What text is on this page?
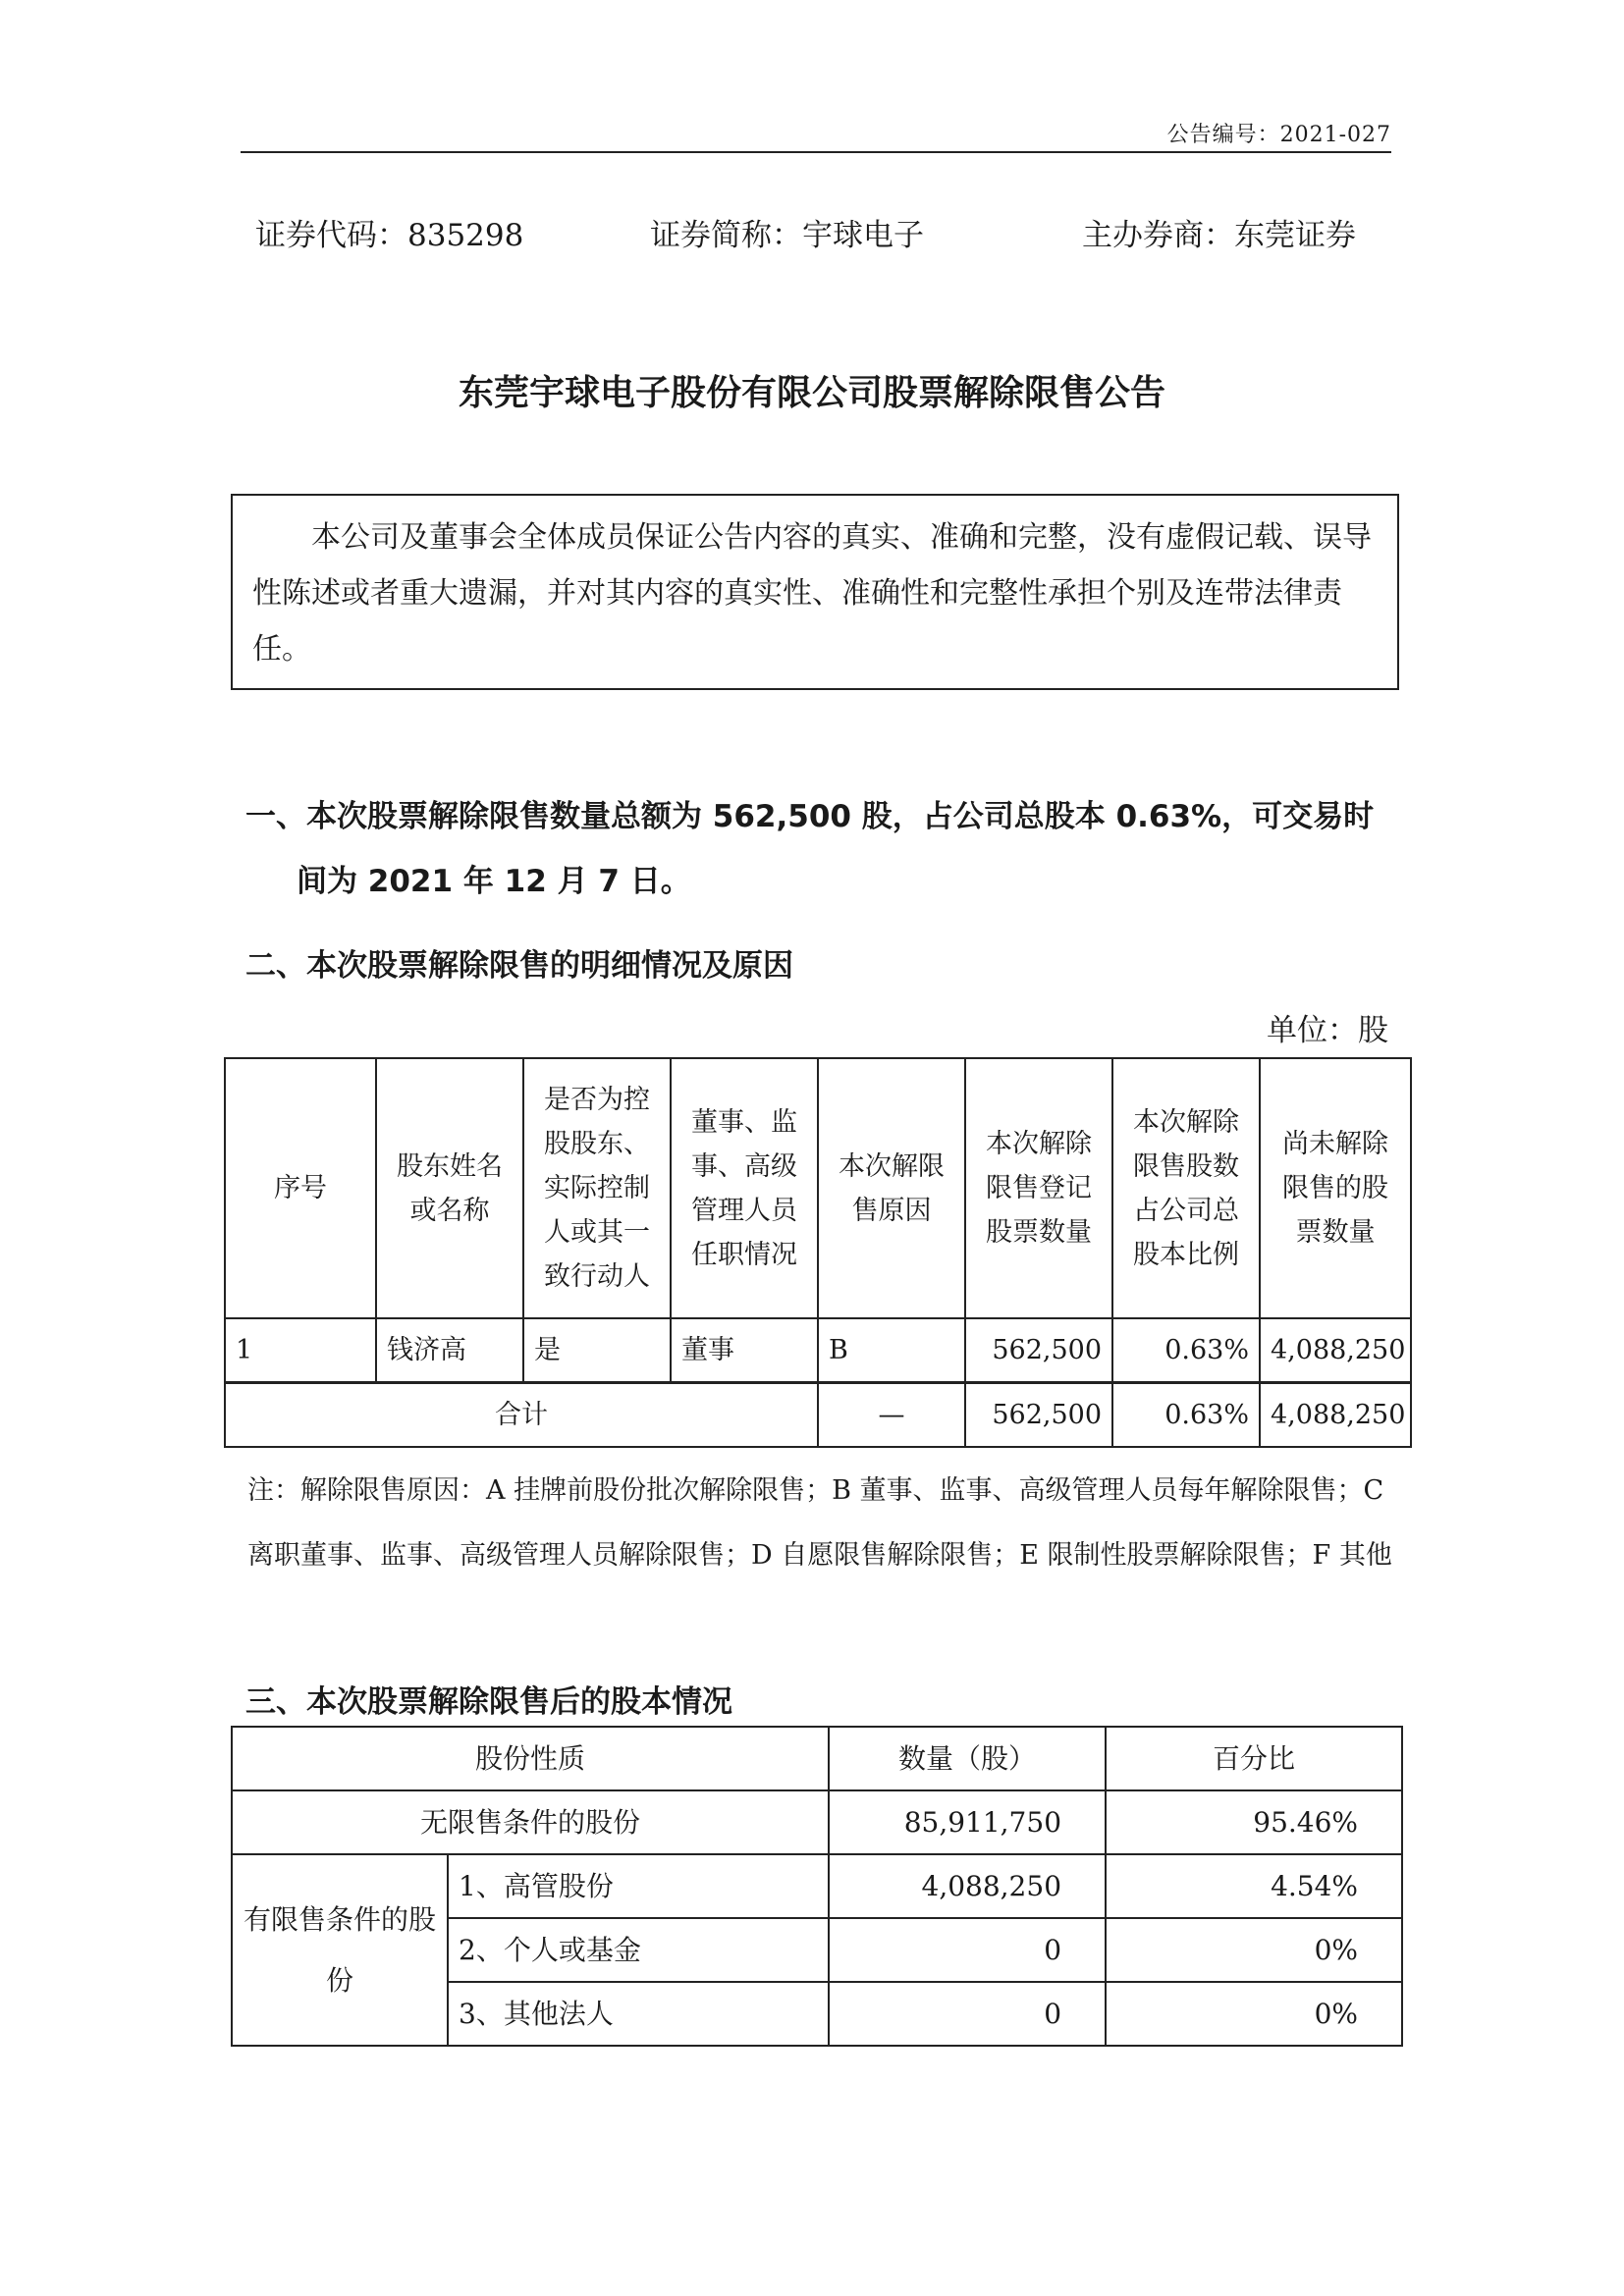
公告编号：2021-027
证券代码：835298	证券简称：宇球电子	主办券商：东莞证券
东莞宇球电子股份有限公司股票解除限售公告
本公司及董事会全体成员保证公告内容的真实、准确和完整，没有虚假记载、误导性陈述或者重大遗漏，并对其内容的真实性、准确性和完整性承担个别及连带法律责任。
一、本次股票解除限售数量总额为 562,500 股，占公司总股本 0.63%，可交易时
间为 2021 年 12 月 7 日。
二、本次股票解除限售的明细情况及原因
单位：股
序号	股东姓名或名称	是否为控股股东、实际控制人或其一致行动人	董事、监事、高级管理人员任职情况	本次解限售原因	本次解除限售登记股票数量	本次解除限售股数占公司总股本比例	尚未解除限售的股票数量
1	钱济高	是	董事	B	562,500	0.63%	4,088,250
合计				—	562,500	0.63%	4,088,250
注：解除限售原因：A 挂牌前股份批次解除限售；B 董事、监事、高级管理人员每年解除限售；C 离职董事、监事、高级管理人员解除限售；D 自愿限售解除限售；E 限制性股票解除限售；F 其他
三、本次股票解除限售后的股本情况
股份性质		数量（股）	百分比
无限售条件的股份		85,911,750	95.46%
有限售条件的股份	1、高管股份	4,088,250	4.54%
	2、个人或基金	0	0%
	3、其他法人	0	0%
